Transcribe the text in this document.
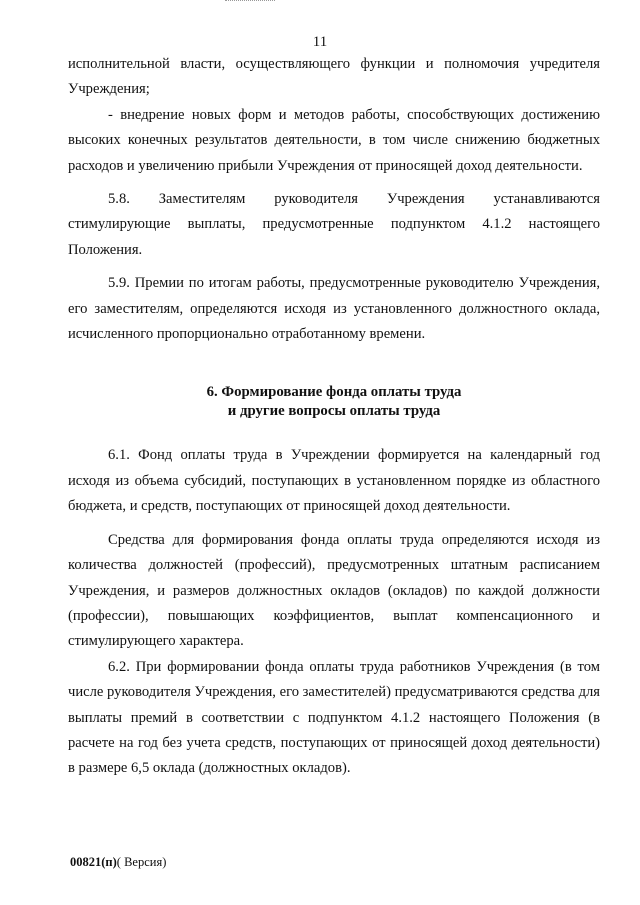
11

исполнительной власти, осуществляющего функции и полномочия учредителя Учреждения;

- внедрение новых форм и методов работы, способствующих достижению высоких конечных результатов деятельности, в том числе снижению бюджетных расходов и увеличению прибыли Учреждения от приносящей доход деятельности.

5.8. Заместителям руководителя Учреждения устанавливаются стимулирующие выплаты, предусмотренные подпунктом 4.1.2 настоящего Положения.

5.9. Премии по итогам работы, предусмотренные руководителю Учреждения, его заместителям, определяются исходя из установленного должностного оклада, исчисленного пропорционально отработанному времени.

6. Формирование фонда оплаты труда
и другие вопросы оплаты труда

6.1. Фонд оплаты труда в Учреждении формируется на календарный год исходя из объема субсидий, поступающих в установленном порядке из областного бюджета, и средств, поступающих от приносящей доход деятельности.

Средства для формирования фонда оплаты труда определяются исходя из количества должностей (профессий), предусмотренных штатным расписанием Учреждения, и размеров должностных окладов (окладов) по каждой должности (профессии), повышающих коэффициентов, выплат компенсационного и стимулирующего характера.

6.2. При формировании фонда оплаты труда работников Учреждения (в том числе руководителя Учреждения, его заместителей) предусматриваются средства для выплаты премий в соответствии с подпунктом 4.1.2 настоящего Положения (в расчете на год без учета средств, поступающих от приносящей доход деятельности) в размере 6,5 оклада (должностных окладов).

00821(п)( Версия)
